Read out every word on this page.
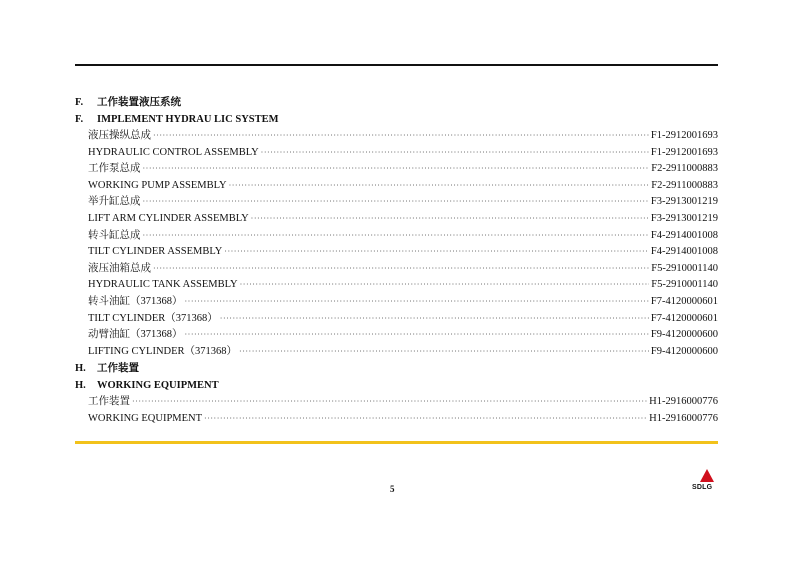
F. 工作装置液压系统
F. IMPLEMENT HYDRAU LIC SYSTEM
液压操纵总成 ·····	F1-2912001693
HYDRAULIC CONTROL ASSEMBLY ·····	F1-2912001693
工作泵总成 ·····	F2-2911000883
WORKING PUMP ASSEMBLY ·····	F2-2911000883
举升缸总成 ·····	F3-2913001219
LIFT ARM CYLINDER ASSEMBLY ·····	F3-2913001219
转斗缸总成 ·····	F4-2914001008
TILT CYLINDER ASSEMBLY ·····	F4-2914001008
液压油箱总成 ·····	F5-2910001140
HYDRAULIC TANK ASSEMBLY ·····	F5-2910001140
转斗油缸（371368） ·····	F7-4120000601
TILT CYLINDER（371368） ·····	F7-4120000601
动臂油缸（371368） ·····	F9-4120000600
LIFTING CYLINDER（371368） ·····	F9-4120000600
H. 工作装置
H. WORKING EQUIPMENT
工作装置 ·····	H1-2916000776
WORKING EQUIPMENT ·····	H1-2916000776
5	SDLG
